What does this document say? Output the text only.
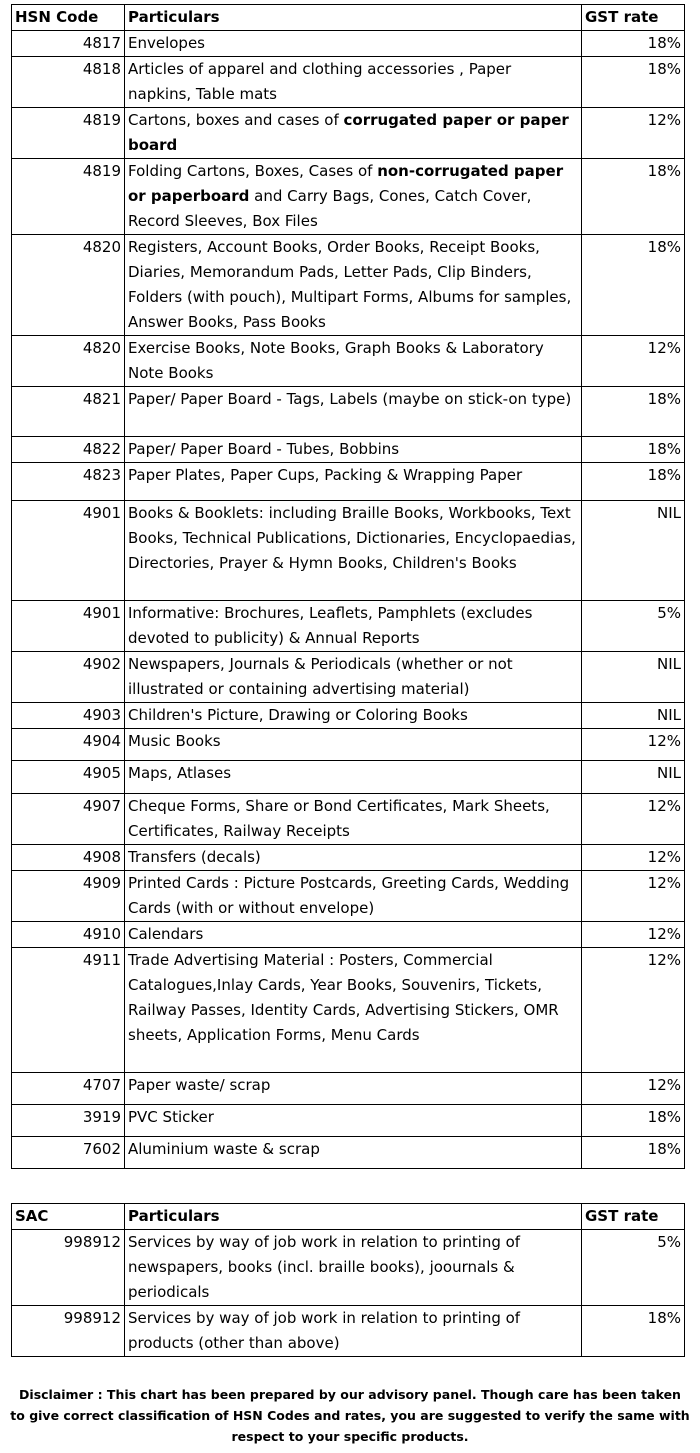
HSN Code	Particulars	GST rate
4817	Envelopes	18%
4818	Articles of apparel and clothing accessories , Paper napkins, Table mats	18%
4819	Cartons, boxes and cases of corrugated paper or paper board	12%
4819	Folding Cartons, Boxes, Cases of non-corrugated paper or paperboard and Carry Bags, Cones, Catch Cover, Record Sleeves, Box Files	18%
4820	Registers, Account Books, Order Books, Receipt Books, Diaries, Memorandum Pads, Letter Pads, Clip Binders, Folders (with pouch), Multipart Forms, Albums for samples, Answer Books, Pass Books	18%
4820	Exercise Books, Note Books, Graph Books & Laboratory Note Books	12%
4821	Paper/ Paper Board - Tags, Labels (maybe on stick-on type)	18%
4822	Paper/ Paper Board - Tubes, Bobbins	18%
4823	Paper Plates, Paper Cups, Packing & Wrapping Paper	18%
4901	Books & Booklets: including Braille Books, Workbooks, Text Books, Technical Publications, Dictionaries, Encyclopaedias, Directories, Prayer & Hymn Books, Children's Books	NIL
4901	Informative: Brochures, Leaflets, Pamphlets (excludes devoted to publicity) & Annual Reports	5%
4902	Newspapers, Journals & Periodicals (whether or not illustrated or containing advertising material)	NIL
4903	Children's Picture, Drawing or Coloring Books	NIL
4904	Music Books	12%
4905	Maps, Atlases	NIL
4907	Cheque Forms, Share or Bond Certificates, Mark Sheets, Certificates, Railway Receipts	12%
4908	Transfers (decals)	12%
4909	Printed Cards : Picture Postcards, Greeting Cards, Wedding Cards (with or without envelope)	12%
4910	Calendars	12%
4911	Trade Advertising Material : Posters, Commercial Catalogues,Inlay Cards, Year Books, Souvenirs, Tickets, Railway Passes, Identity Cards, Advertising Stickers, OMR sheets, Application Forms, Menu Cards	12%
4707	Paper waste/ scrap	12%
3919	PVC Sticker	18%
7602	Aluminium waste & scrap	18%
SAC	Particulars	GST rate
998912	Services by way of job work in relation to printing of newspapers, books (incl. braille books), joournals & periodicals	5%
998912	Services by way of job work in relation to printing of products (other than above)	18%
Disclaimer : This chart has been prepared by our advisory panel. Though care has been taken to give correct classification of HSN Codes and rates, you are suggested to verify the same with respect to your specific products.
